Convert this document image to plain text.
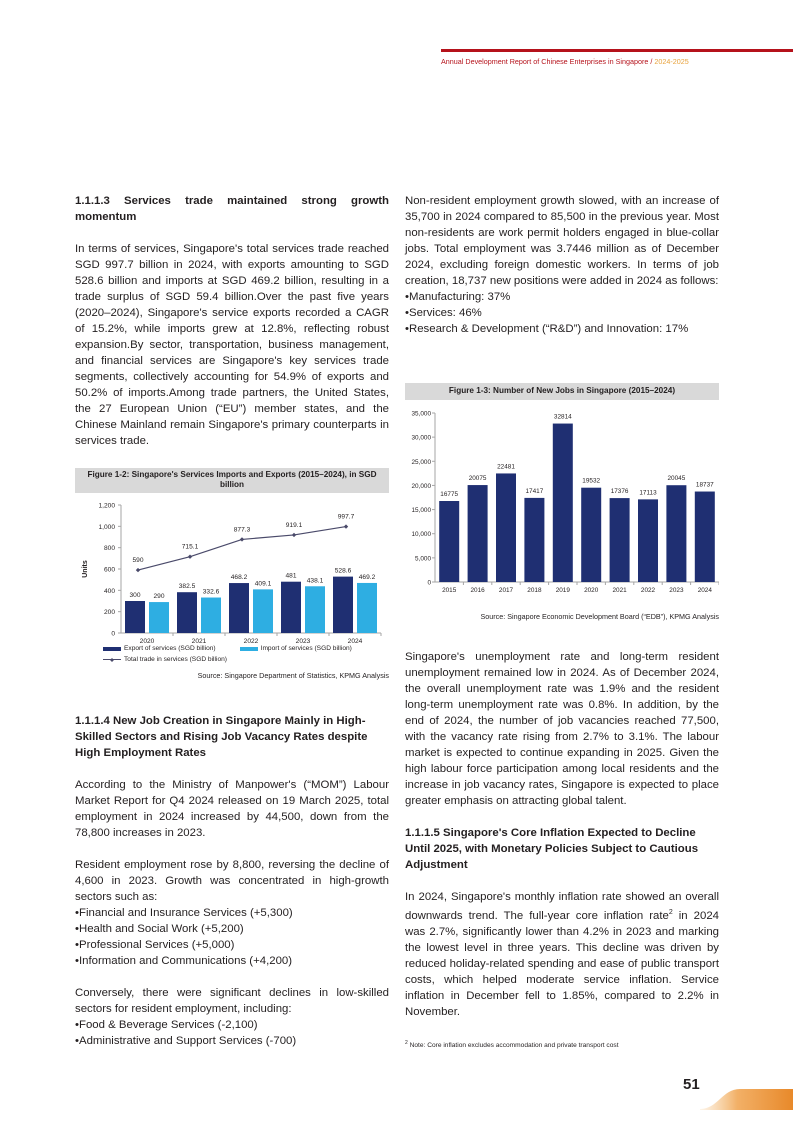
Annual Development Report of Chinese Enterprises in Singapore / 2024-2025
1.1.1.3 Services trade maintained strong growth momentum

In terms of services, Singapore's total services trade reached SGD 997.7 billion in 2024, with exports amounting to SGD 528.6 billion and imports at SGD 469.2 billion, resulting in a trade surplus of SGD 59.4 billion.Over the past five years (2020–2024), Singapore's service exports recorded a CAGR of 15.2%, while imports grew at 12.8%, reflecting robust expansion.By sector, transportation, business management, and financial services are Singapore's key services trade segments, collectively accounting for 54.9% of exports and 50.2% of imports.Among trade partners, the United States, the 27 European Union (“EU”) member states, and the Chinese Mainland remain Singapore's primary counterparts in services trade.

Figure 1-2: Singapore's Services Imports and Exports (2015–2024), in SGD billion
0
200
400
600
800
1,000
1,200
Units
300 290
2020
382.5
332.6
2021
468.2
409.1
2022
481
438.1
2023
528.6
469.2
2024
590
715.1
877.3
919.1
997.7
Export of services (SGD billion)	Import of services (SGD billion)
Total trade in services (SGD billion)
Source: Singapore Department of Statistics, KPMG Analysis
1.1.1.4 New Job Creation in Singapore Mainly in High-Skilled Sectors and Rising Job Vacancy Rates despite High Employment Rates

According to the Ministry of Manpower's (“MOM”) Labour Market Report for Q4 2024 released on 19 March 2025, total employment in 2024 increased by 44,500, down from the 78,800 increases in 2023.

Resident employment rose by 8,800, reversing the decline of 4,600 in 2023. Growth was concentrated in high-growth sectors such as:

• Financial and Insurance Services (+5,300)
• Health and Social Work (+5,200)
• Professional Services (+5,000)
• Information and Communications (+4,200)

Conversely, there were significant declines in low-skilled sectors for resident employment, including:

• Food & Beverage Services (-2,100)
• Administrative and Support Services (-700)

Non-resident employment growth slowed, with an increase of 35,700 in 2024 compared to 85,500 in the previous year. Most non-residents are work permit holders engaged in blue-collar jobs. Total employment was 3.7446 million as of December 2024, excluding foreign domestic workers. In terms of job creation, 18,737 new positions were added in 2024 as follows:

• Manufacturing: 37%
• Services: 46%
• Research & Development (“R&D”) and Innovation: 17%
Figure 1-3: Number of New Jobs in Singapore (2015–2024)
0
5,000
10,000
15,000
20,000
25,000
30,000
35,000
16775
2015
20075
2016
22481
2017
17417
2018
32814
2019
19532
2020
17376
2021
17113
2022
20045
2023
18737
2024
Source: Singapore Economic Development Board (“EDB”), KPMG Analysis

Singapore's unemployment rate and long-term resident unemployment remained low in 2024. As of December 2024, the overall unemployment rate was 1.9% and the resident long-term unemployment rate was 0.8%. In addition, by the end of 2024, the number of job vacancies reached 77,500, with the vacancy rate rising from 2.7% to 3.1%. The labour market is expected to continue expanding in 2025. Given the high labour force participation among local residents and the increase in job vacancy rates, Singapore is expected to place greater emphasis on attracting global talent.

1.1.1.5 Singapore's Core Inflation Expected to Decline Until 2025, with Monetary Policies Subject to Cautious Adjustment

In 2024, Singapore's monthly inflation rate showed an overall downwards trend. The full-year core inflation rate$^2$ in 2024 was 2.7%, significantly lower than 4.2% in 2023 and marking the lowest level in three years. This decline was driven by reduced holiday-related spending and ease of public transport costs, which helped moderate service inflation. Service inflation in December fell to 1.85%, compared to 2.2% in November.

$^2$ Note: Core inflation excludes accommodation and private transport cost
51
